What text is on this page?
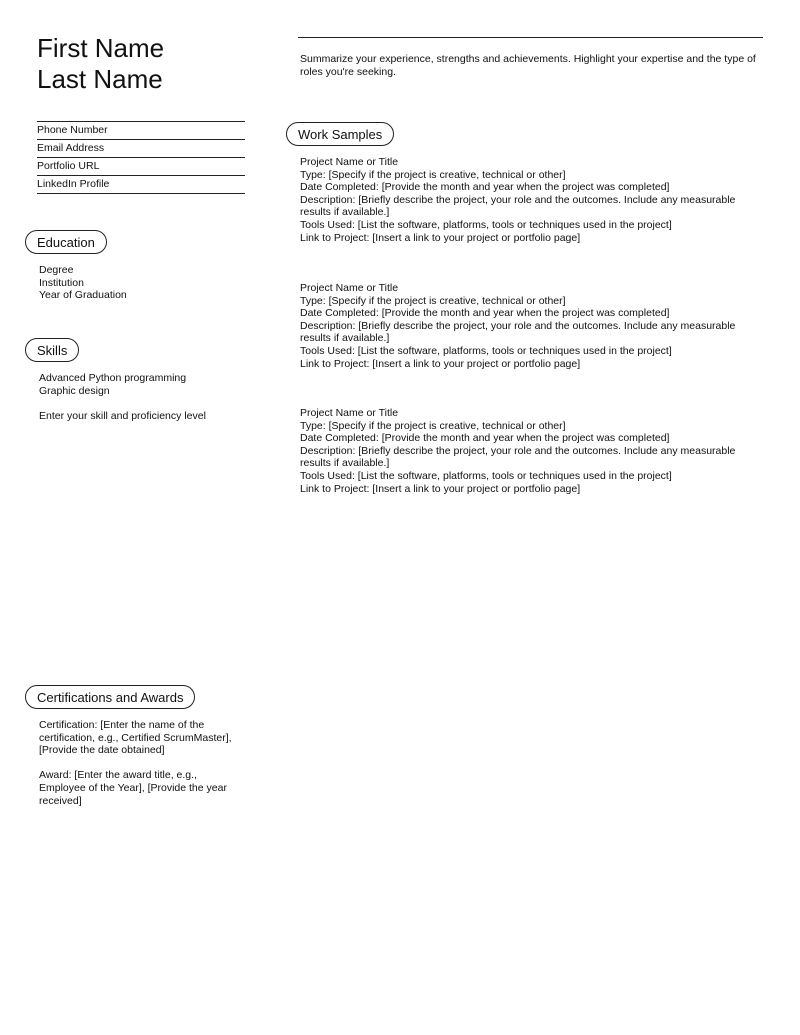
First Name
Last Name
Phone Number
Email Address
Portfolio URL
LinkedIn Profile
Education
Degree
Institution
Year of Graduation
Skills
Advanced Python programming
Graphic design
Enter your skill and proficiency level
Certifications and Awards
Certification: [Enter the name of the certification, e.g., Certified ScrumMaster], [Provide the date obtained]
Award: [Enter the award title, e.g., Employee of the Year], [Provide the year received]
Summarize your experience, strengths and achievements. Highlight your expertise and the type of roles you're seeking.
Work Samples
Project Name or Title
Type: [Specify if the project is creative, technical or other]
Date Completed: [Provide the month and year when the project was completed]
Description: [Briefly describe the project, your role and the outcomes. Include any measurable results if available.]
Tools Used: [List the software, platforms, tools or techniques used in the project]
Link to Project: [Insert a link to your project or portfolio page]
Project Name or Title
Type: [Specify if the project is creative, technical or other]
Date Completed: [Provide the month and year when the project was completed]
Description: [Briefly describe the project, your role and the outcomes. Include any measurable results if available.]
Tools Used: [List the software, platforms, tools or techniques used in the project]
Link to Project: [Insert a link to your project or portfolio page]
Project Name or Title
Type: [Specify if the project is creative, technical or other]
Date Completed: [Provide the month and year when the project was completed]
Description: [Briefly describe the project, your role and the outcomes. Include any measurable results if available.]
Tools Used: [List the software, platforms, tools or techniques used in the project]
Link to Project: [Insert a link to your project or portfolio page]
